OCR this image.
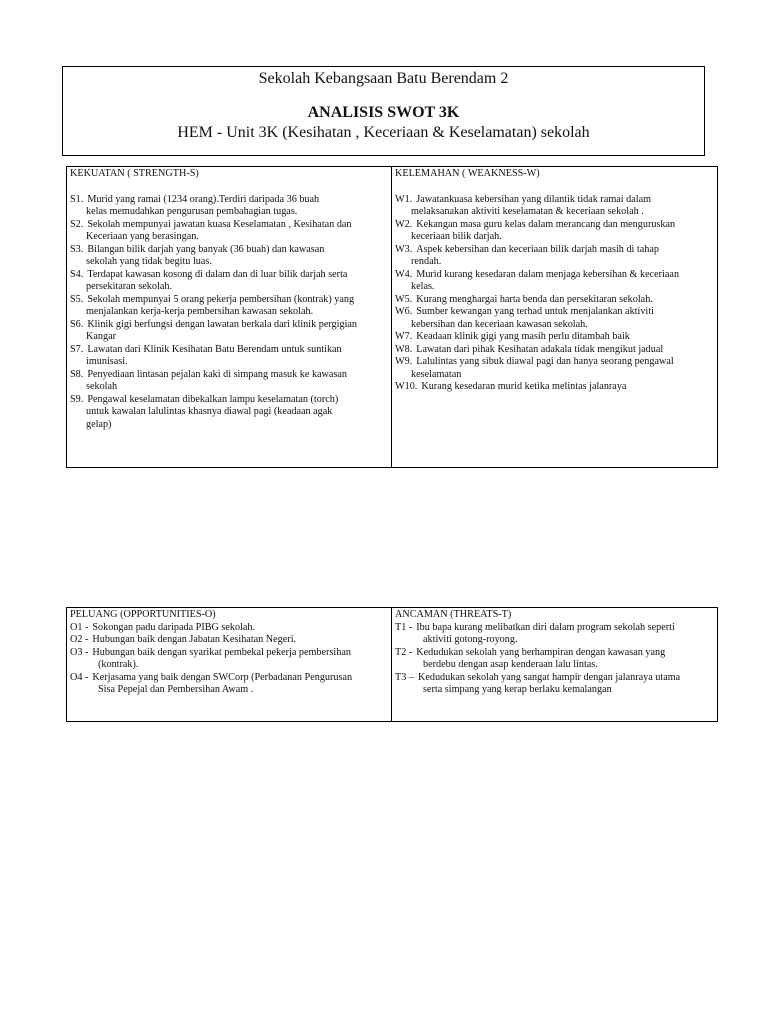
Sekolah Kebangsaan Batu Berendam 2
ANALISIS SWOT 3K
HEM - Unit 3K (Kesihatan , Keceriaan & Keselamatan) sekolah
KEKUATAN ( STRENGTH-S)
S1. Murid yang ramai (1234 orang).Terdiri daripada 36 buah
kelas memudahkan pengurusan pembahagian tugas.
S2. Sekolah mempunyai jawatan kuasa Keselamatan , Kesihatan dan
Keceriaan yang berasingan.
S3. Bilangan bilik darjah yang banyak (36 buah) dan kawasan
sekolah yang tidak begitu luas.
S4. Terdapat kawasan kosong di dalam dan di luar bilik darjah serta
persekitaran sekolah.
S5. Sekolah mempunyai 5 orang pekerja pembersihan (kontrak) yang
menjalankan kerja-kerja pembersihan kawasan sekolah.
S6. Klinik gigi berfungsi dengan lawatan berkala dari klinik pergigian
Kangar
S7. Lawatan dari Klinik Kesihatan Batu Berendam untuk suntikan
imunisasi.
S8. Penyediaan lintasan pejalan kaki di simpang masuk ke kawasan
sekolah
S9. Pengawal keselamatan dibekalkan lampu keselamatan (torch)
untuk kawalan lalulintas khasnya diawal pagi (keadaan agak
gelap)

KELEMAHAN ( WEAKNESS-W)
W1. Jawatankuasa kebersihan yang dilantik tidak ramai dalam
melaksanakan aktiviti keselamatan & keceriaan sekolah .
W2. Kekangan masa guru kelas dalam merancang dan menguruskan
keceriaan bilik darjah.
W3. Aspek kebersihan dan keceriaan bilik darjah masih di tahap
rendah.
W4. Murid kurang kesedaran dalam menjaga kebersihan & keceriaan
kelas.
W5. Kurang menghargai harta benda dan persekitaran sekolah.
W6. Sumber kewangan yang terhad untuk menjalankan aktiviti
kebersihan dan keceriaan kawasan sekolah.
W7. Keadaan klinik gigi yang masih perlu ditambah baik
W8. Lawatan dari pihak Kesihatan adakala tidak mengikut jadual
W9. Lalulintas yang sibuk diawal pagi dan hanya seorang pengawal
keselamatan
W10. Kurang kesedaran murid ketika melintas jalanraya
PELUANG (OPPORTUNITIES-O)
O1 - Sokongan padu daripada PIBG sekolah.
O2 - Hubungan baik dengan Jabatan Kesihatan Negeri.
O3 - Hubungan baik dengan syarikat pembekal pekerja pembersihan
(kontrak).
O4 - Kerjasama yang baik dengan SWCorp (Perbadanan Pengurusan
Sisa Pepejal dan Pembersihan Awam .

ANCAMAN (THREATS-T)
T1 - Ibu bapa kurang melibatkan diri dalam program sekolah seperti
aktiviti gotong-royong.
T2 - Kedudukan sekolah yang berhampiran dengan kawasan yang
berdebu dengan asap kenderaan lalu lintas.
T3 – Kedudukan sekolah yang sangat hampir dengan jalanraya utama
serta simpang yang kerap berlaku kemalangan
